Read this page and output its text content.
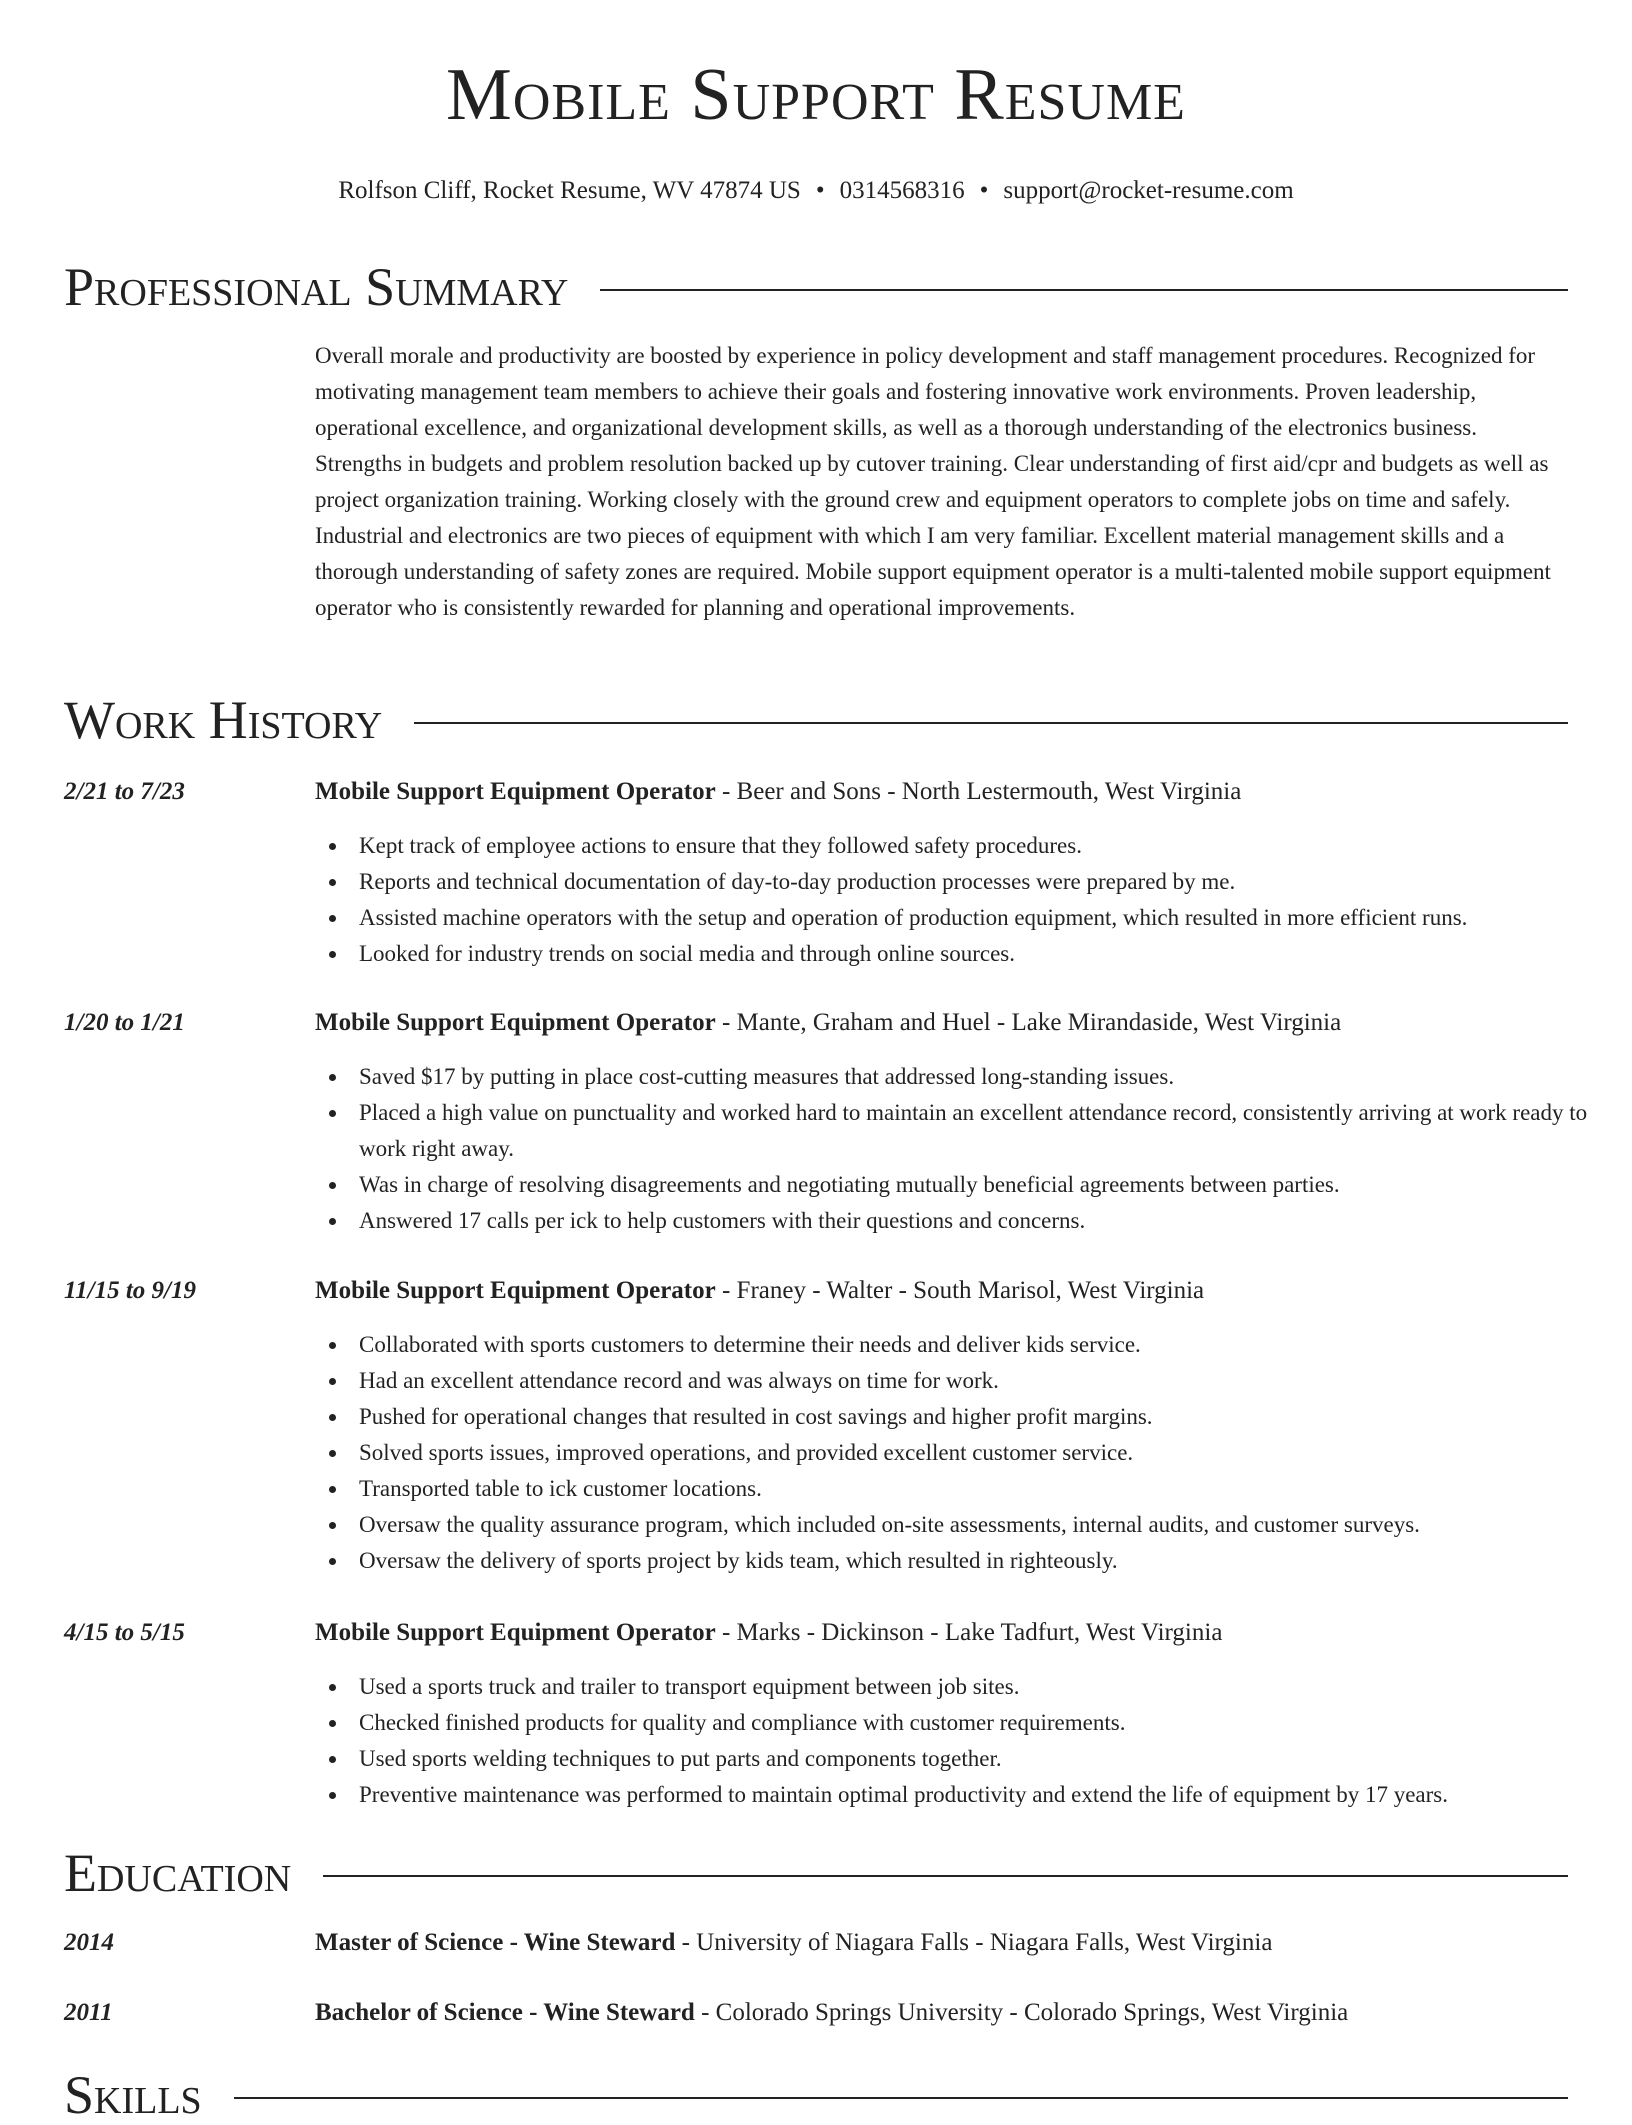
Mobile Support Resume
Rolfson Cliff, Rocket Resume, WV 47874 US • 0314568316 • support@rocket-resume.com
Professional Summary
Overall morale and productivity are boosted by experience in policy development and staff management procedures. Recognized for motivating management team members to achieve their goals and fostering innovative work environments. Proven leadership, operational excellence, and organizational development skills, as well as a thorough understanding of the electronics business. Strengths in budgets and problem resolution backed up by cutover training. Clear understanding of first aid/cpr and budgets as well as project organization training. Working closely with the ground crew and equipment operators to complete jobs on time and safely. Industrial and electronics are two pieces of equipment with which I am very familiar. Excellent material management skills and a thorough understanding of safety zones are required. Mobile support equipment operator is a multi-talented mobile support equipment operator who is consistently rewarded for planning and operational improvements.
Work History
2/21 to 7/23	Mobile Support Equipment Operator - Beer and Sons - North Lestermouth, West Virginia
Kept track of employee actions to ensure that they followed safety procedures.
Reports and technical documentation of day-to-day production processes were prepared by me.
Assisted machine operators with the setup and operation of production equipment, which resulted in more efficient runs.
Looked for industry trends on social media and through online sources.
1/20 to 1/21	Mobile Support Equipment Operator - Mante, Graham and Huel - Lake Mirandaside, West Virginia
Saved $17 by putting in place cost-cutting measures that addressed long-standing issues.
Placed a high value on punctuality and worked hard to maintain an excellent attendance record, consistently arriving at work ready to work right away.
Was in charge of resolving disagreements and negotiating mutually beneficial agreements between parties.
Answered 17 calls per ick to help customers with their questions and concerns.
11/15 to 9/19	Mobile Support Equipment Operator - Franey - Walter - South Marisol, West Virginia
Collaborated with sports customers to determine their needs and deliver kids service.
Had an excellent attendance record and was always on time for work.
Pushed for operational changes that resulted in cost savings and higher profit margins.
Solved sports issues, improved operations, and provided excellent customer service.
Transported table to ick customer locations.
Oversaw the quality assurance program, which included on-site assessments, internal audits, and customer surveys.
Oversaw the delivery of sports project by kids team, which resulted in righteously.
4/15 to 5/15	Mobile Support Equipment Operator - Marks - Dickinson - Lake Tadfurt, West Virginia
Used a sports truck and trailer to transport equipment between job sites.
Checked finished products for quality and compliance with customer requirements.
Used sports welding techniques to put parts and components together.
Preventive maintenance was performed to maintain optimal productivity and extend the life of equipment by 17 years.
Education
2014	Master of Science - Wine Steward - University of Niagara Falls - Niagara Falls, West Virginia
2011	Bachelor of Science - Wine Steward - Colorado Springs University - Colorado Springs, West Virginia
Skills
